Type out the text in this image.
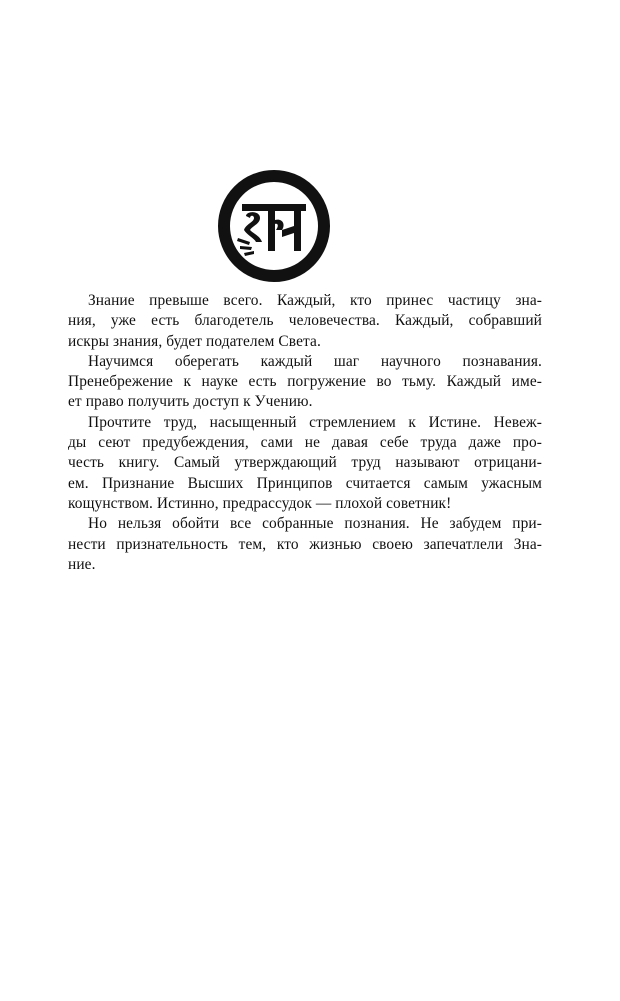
Знание превыше всего. Каждый, кто принес частицу зна-
ния, уже есть благодетель человечества. Каждый, собравший
искры знания, будет подателем Света.

Научимся оберегать каждый шаг научного познавания.
Пренебрежение к науке есть погружение во тьму. Каждый име-
ет право получить доступ к Учению.

Прочтите труд, насыщенный стремлением к Истине. Невеж-
ды сеют предубеждения, сами не давая себе труда даже про-
честь книгу. Самый утверждающий труд называют отрицани-
ем. Признание Высших Принципов считается самым ужасным
кощунством. Истинно, предрассудок — плохой советник!

Но нельзя обойти все собранные познания. Не забудем при-
нести признательность тем, кто жизнью своею запечатлели Зна-
ние.
